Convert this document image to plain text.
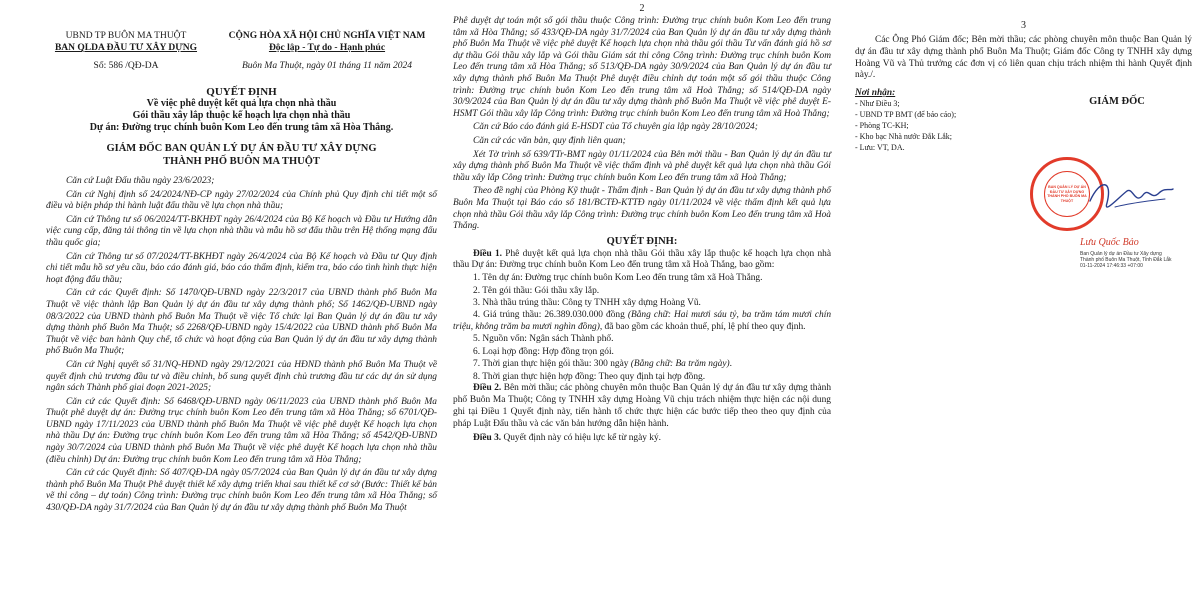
UBND TP BUÔN MA THUỘT
BAN QLDA ĐẦU TƯ XÂY DỰNG
Số: 586 /QĐ-DA
CỘNG HÒA XÃ HỘI CHỦ NGHĨA VIỆT NAM
Độc lập - Tự do - Hạnh phúc
Buôn Ma Thuột, ngày 01 tháng 11 năm 2024
QUYẾT ĐỊNH
Về việc phê duyệt kết quả lựa chọn nhà thầu
Gói thầu xây lắp thuộc kế hoạch lựa chọn nhà thầu
Dự án: Đường trục chính buôn Kom Leo đến trung tâm xã Hòa Thắng.
GIÁM ĐỐC BAN QUẢN LÝ DỰ ÁN ĐẦU TƯ XÂY DỰNG
THÀNH PHỐ BUÔN MA THUỘT

Căn cứ Luật Đấu thầu ngày 23/6/2023;

Căn cứ Nghị định số 24/2024/NĐ-CP ngày 27/02/2024 của Chính phủ Quy định chi tiết một số điều và biện pháp thi hành luật đấu thầu về lựa chọn nhà thầu;

Căn cứ Thông tư số 06/2024/TT-BKHĐT ngày 26/4/2024 của Bộ Kế hoạch và Đầu tư Hướng dẫn việc cung cấp, đăng tải thông tin về lựa chọn nhà thầu và mẫu hồ sơ đấu thầu trên Hệ thống mạng đấu thầu quốc gia;

Căn cứ Thông tư số 07/2024/TT-BKHĐT ngày 26/4/2024 của Bộ Kế hoạch và Đầu tư Quy định chi tiết mẫu hồ sơ yêu cầu, báo cáo đánh giá, báo cáo thẩm định, kiểm tra, báo cáo tình hình thực hiện hoạt động đấu thầu;

Căn cứ các Quyết định: Số 1470/QĐ-UBND ngày 22/3/2017 của UBND thành phố Buôn Ma Thuột về việc thành lập Ban Quản lý dự án đầu tư xây dựng thành phố; Số 1462/QĐ-UBND ngày 08/3/2022 của UBND thành phố Buôn Ma Thuột về việc Tổ chức lại Ban Quản lý dự án đầu tư xây dựng thành phố Buôn Ma Thuột; số 2268/QĐ-UBND ngày 15/4/2022 của UBND thành phố Buôn Ma Thuột về việc ban hành Quy chế, tổ chức và hoạt động của Ban Quản lý dự án đầu tư xây dựng thành phố Buôn Ma Thuột;

Căn cứ Nghị quyết số 31/NQ-HĐND ngày 29/12/2021 của HĐND thành phố Buôn Ma Thuột về quyết định chủ trương đầu tư và điều chỉnh, bổ sung quyết định chủ trương đầu tư các dự án sử dụng ngân sách Thành phố giai đoạn 2021-2025;

Căn cứ các Quyết định: Số 6468/QĐ-UBND ngày 06/11/2023 của UBND thành phố Buôn Ma Thuột phê duyệt dự án: Đường trục chính buôn Kom Leo đến trung tâm xã Hòa Thắng; số 6701/QĐ-UBND ngày 17/11/2023 của UBND thành phố Buôn Ma Thuột về việc phê duyệt Kế hoạch lựa chọn nhà thầu Dự án: Đường trục chính buôn Kom Leo đến trung tâm xã Hòa Thắng; số 4542/QĐ-UBND ngày 30/7/2024 của UBND thành phố Buôn Ma Thuột về việc phê duyệt Kế hoạch lựa chọn nhà thầu (điều chỉnh) Dự án: Đường trục chính buôn Kom Leo đến trung tâm xã Hòa Thắng;

Căn cứ các Quyết định: Số 407/QĐ-DA ngày 05/7/2024 của Ban Quản lý dự án đầu tư xây dựng thành phố Buôn Ma Thuột Phê duyệt thiết kế xây dựng triển khai sau thiết kế cơ sở (Bước: Thiết kế bản vẽ thi công – dự toán) Công trình: Đường trục chính buôn Kom Leo đến trung tâm xã Hòa Thắng; số 430/QĐ-DA ngày 31/7/2024 của Ban Quản lý dự án đầu tư xây dựng thành phố Buôn Ma Thuột

2

Phê duyệt dự toán một số gói thầu thuộc Công trình: Đường trục chính buôn Kom Leo đến trung tâm xã Hòa Thắng; số 433/QĐ-DA ngày 31/7/2024 của Ban Quản lý dự án đầu tư xây dựng thành phố Buôn Ma Thuột về việc phê duyệt Kế hoạch lựa chọn nhà thầu gói thầu Tư vấn đánh giá hồ sơ dự thầu Gói thầu xây lắp và Gói thầu Giám sát thi công Công trình: Đường trục chính buôn Kom Leo đến trung tâm xã Hòa Thắng; số 513/QĐ-DA ngày 30/9/2024 của Ban Quản lý dự án đầu tư xây dựng thành phố Buôn Ma Thuột Phê duyệt điều chỉnh dự toán một số gói thầu thuộc Công trình: Đường trục chính buôn Kom Leo đến trung tâm xã Hoà Thắng; số 514/QĐ-DA ngày 30/9/2024 của Ban Quản lý dự án đầu tư xây dựng thành phố Buôn Ma Thuột về việc phê duyệt E-HSMT Gói thầu xây lắp Công trình: Đường trục chính buôn Kom Leo đến trung tâm xã Hoà Thắng;

Căn cứ Báo cáo đánh giá E-HSDT của Tổ chuyên gia lập ngày 28/10/2024;

Căn cứ các văn bản, quy định liên quan;

Xét Tờ trình số 639/TTr-BMT ngày 01/11/2024 của Bên mời thầu - Ban Quản lý dự án đầu tư xây dựng thành phố Buôn Ma Thuột về việc thẩm định và phê duyệt kết quả lựa chọn nhà thầu Gói thầu xây lắp Công trình: Đường trục chính buôn Kom Leo đến trung tâm xã Hoà Thắng;

Theo đề nghị của Phòng Kỹ thuật - Thẩm định - Ban Quản lý dự án đầu tư xây dựng thành phố Buôn Ma Thuột tại Báo cáo số 181/BCTĐ-KTTĐ ngày 01/11/2024 về việc thẩm định kết quả lựa chọn nhà thầu Gói thầu xây lắp Công trình: Đường trục chính buôn Kom Leo đến trung tâm xã Hoà Thắng.

QUYẾT ĐỊNH:

Điều 1. Phê duyệt kết quả lựa chọn nhà thầu Gói thầu xây lắp thuộc kế hoạch lựa chọn nhà thầu Dự án: Đường trục chính buôn Kom Leo đến trung tâm xã Hoà Thắng, bao gồm:

1. Tên dự án: Đường trục chính buôn Kom Leo đến trung tâm xã Hoà Thắng.
2. Tên gói thầu: Gói thầu xây lắp.
3. Nhà thầu trúng thầu: Công ty TNHH xây dựng Hoàng Vũ.

4. Giá trúng thầu: 26.389.030.000 đồng (Bằng chữ: Hai mươi sáu tỷ, ba trăm tám mươi chín triệu, không trăm ba mươi nghìn đồng), đã bao gồm các khoản thuế, phí, lệ phí theo quy định.

5. Nguồn vốn: Ngân sách Thành phố.
6. Loại hợp đồng: Hợp đồng trọn gói.
7. Thời gian thực hiện gói thầu: 300 ngày (Bằng chữ: Ba trăm ngày).
8. Thời gian thực hiện hợp đồng: Theo quy định tại hợp đồng.

Điều 2. Bên mời thầu; các phòng chuyên môn thuộc Ban Quản lý dự án đầu tư xây dựng thành phố Buôn Ma Thuột; Công ty TNHH xây dựng Hoàng Vũ chịu trách nhiệm thực hiện các nội dung ghi tại Điều 1 Quyết định này, tiến hành tổ chức thực hiện các bước tiếp theo theo quy định của pháp Luật Đấu thầu và các văn bản hướng dẫn hiện hành.

Điều 3. Quyết định này có hiệu lực kể từ ngày ký.

3

Các Ông Phó Giám đốc; Bên mời thầu; các phòng chuyên môn thuộc Ban Quản lý dự án đầu tư xây dựng thành phố Buôn Ma Thuột; Giám đốc Công ty TNHH xây dựng Hoàng Vũ và Thủ trưởng các đơn vị có liên quan chịu trách nhiệm thi hành Quyết định này./.

Nơi nhận:
- Như Điều 3;
- UBND TP BMT (để báo cáo);
- Phòng TC-KH;
- Kho bạc Nhà nước Đắk Lắk;
- Lưu: VT, DA.
GIÁM ĐỐC
BAN QUẢN LÝ DỰ ÁN ĐẦU TƯ XÂY DỰNG THÀNH PHỐ BUÔN MA THUỘT
Lưu Quốc Bảo
Ban Quản lý dự án Đầu tư Xây dựng
Thành phố Buôn Ma Thuột, Tỉnh Đắk Lắk
01-11-2024 17:46:33 +07:00
